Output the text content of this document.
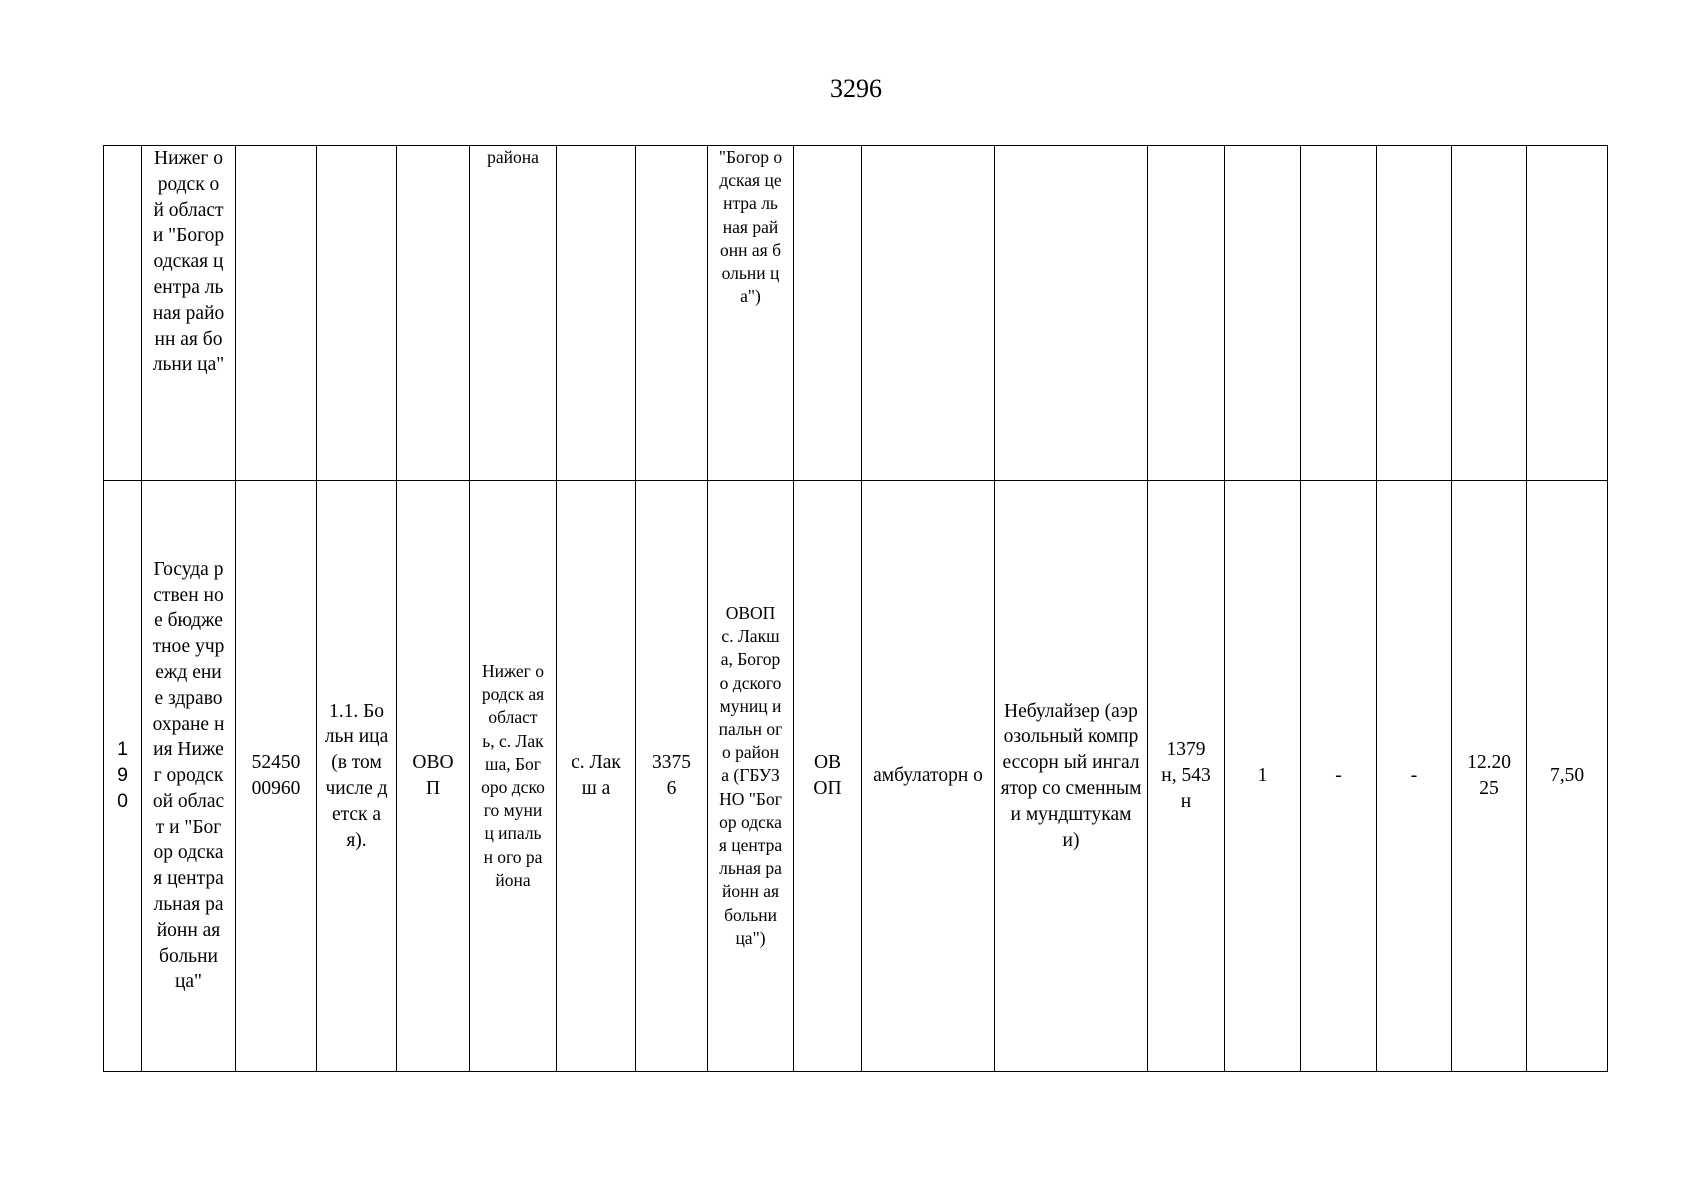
3296

	Нижег ородск ой област и "Богор одская центра льная районн ая больни ца"				района			"Богор одская центра льная районн ая больни ца")									

190	Госуда рствен ное бюдже тное учрежд ение здраво охране ния Нижег ородск ой област и "Богор одская центра льная районн ая больни ца"	52450 00960	1.1. Больн ица (в том числе детск ая).	ОВО П	Нижег ородск ая област ь, с. Лакша, Богоро дского муниц ипальн ого района	с. Лакш а	3375 6	ОВОП с. Лакша, Богоро дского муниц ипальн ого района (ГБУЗ НО "Богор одская центра льная районн ая больни ца")	ОВ ОП	амбулаторн о	Небулайзер (аэрозольный компрессорн ый ингалятор со сменными мундштукам и)	1379 н, 543н	1	-	-	12.20 25	7,50
